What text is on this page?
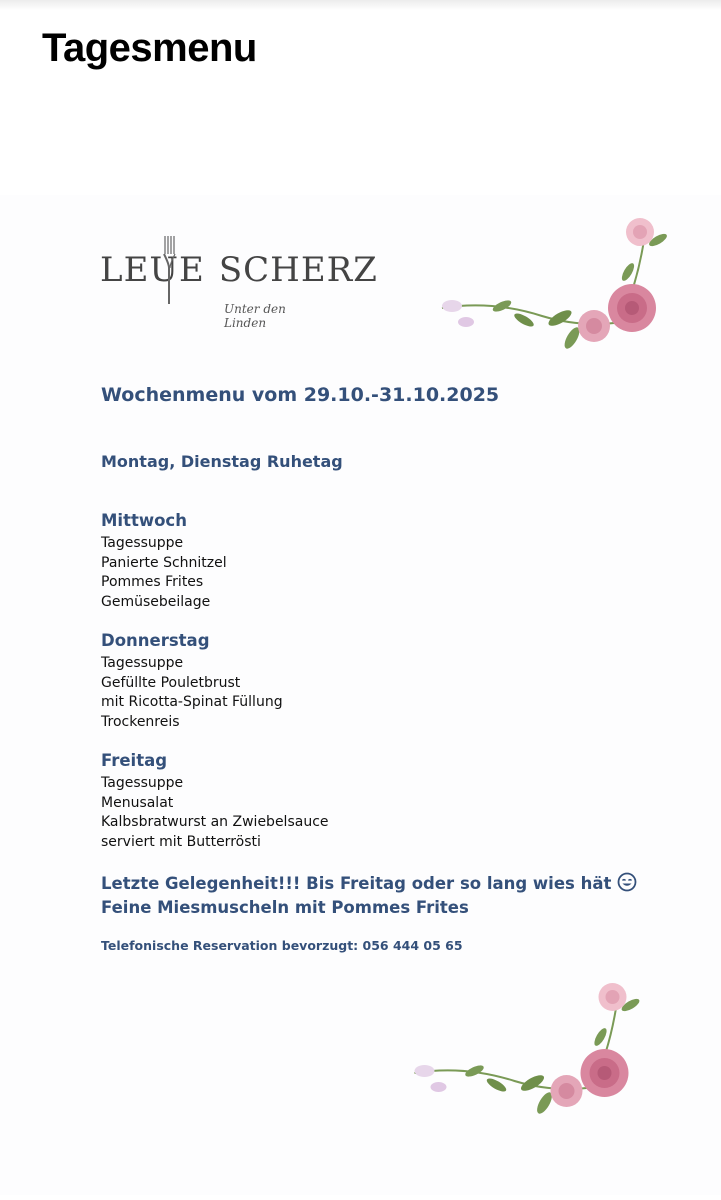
Tagesmenu
LEUE SCHERZ
Unter den Linden
Wochenmenu vom 29.10.-31.10.2025
Montag, Dienstag Ruhetag
Mittwoch
Tagessuppe
Panierte Schnitzel
Pommes Frites
Gemüsebeilage
Donnerstag
Tagessuppe
Gefüllte Pouletbrust
mit Ricotta-Spinat Füllung
Trockenreis
Freitag
Tagessuppe
Menusalat
Kalbsbratwurst an Zwiebelsauce
serviert mit Butterrösti
Letzte Gelegenheit!!! Bis Freitag oder so lang wies hät
Feine Miesmuscheln mit Pommes Frites
Telefonische Reservation bevorzugt: 056 444 05 65
